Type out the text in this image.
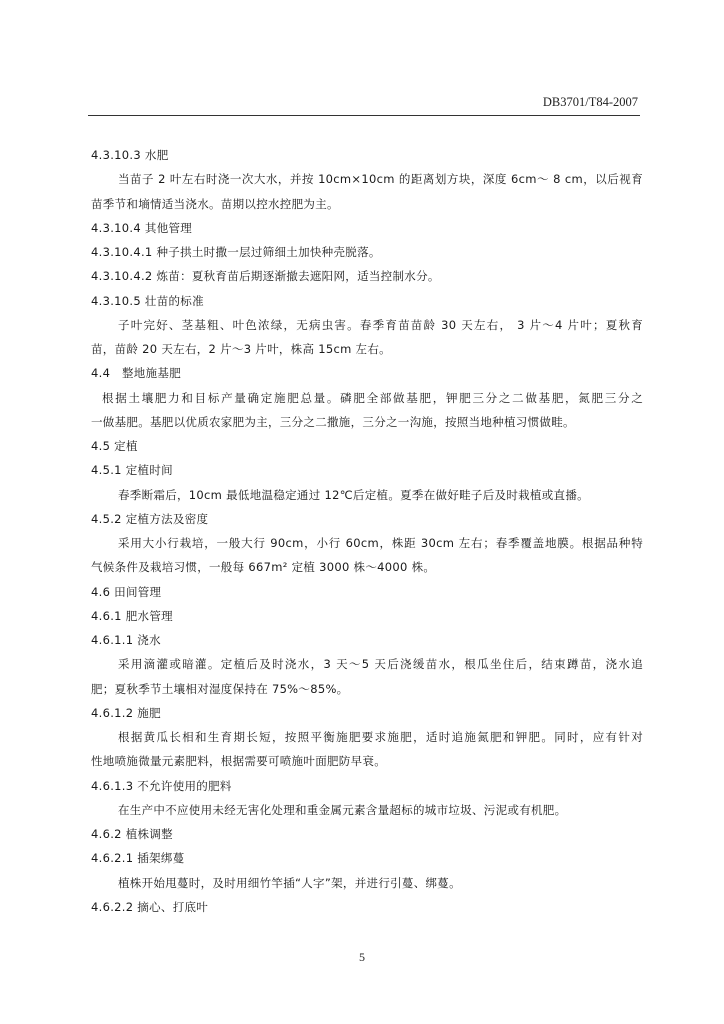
DB3701/T84-2007
4.3.10.3 水肥
当苗子 2 叶左右时浇一次大水，并按 10cm×10cm 的距离划方块，深度 6cm～ 8 cm，以后视育
苗季节和墒情适当浇水。苗期以控水控肥为主。
4.3.10.4 其他管理
4.3.10.4.1 种子拱土时撒一层过筛细土加快种壳脱落。
4.3.10.4.2 炼苗：夏秋育苗后期逐渐撤去遮阳网，适当控制水分。
4.3.10.5 壮苗的标准
子叶完好、茎基粗、叶色浓绿，无病虫害。春季育苗苗龄 30 天左右， 3 片～4 片叶；夏秋育
苗，苗龄 20 天左右，2 片～3 片叶，株高 15cm 左右。
4.4　整地施基肥
根据土壤肥力和目标产量确定施肥总量。磷肥全部做基肥，钾肥三分之二做基肥，氮肥三分之
一做基肥。基肥以优质农家肥为主，三分之二撒施，三分之一沟施，按照当地种植习惯做畦。
4.5 定植
4.5.1 定植时间
春季断霜后，10cm 最低地温稳定通过 12℃后定植。夏季在做好畦子后及时栽植或直播。
4.5.2 定植方法及密度
采用大小行栽培，一般大行 90cm，小行 60cm，株距 30cm 左右；春季覆盖地膜。根据品种特
气候条件及栽培习惯，一般每 667m² 定植 3000 株～4000 株。
4.6 田间管理
4.6.1 肥水管理
4.6.1.1 浇水
采用滴灌或暗灌。定植后及时浇水，3 天～5 天后浇缓苗水，根瓜坐住后，结束蹲苗，浇水追
肥；夏秋季节土壤相对湿度保持在 75%～85%。
4.6.1.2 施肥
根据黄瓜长相和生育期长短，按照平衡施肥要求施肥，适时追施氮肥和钾肥。同时，应有针对
性地喷施微量元素肥料，根据需要可喷施叶面肥防早衰。
4.6.1.3 不允许使用的肥料
在生产中不应使用未经无害化处理和重金属元素含量超标的城市垃圾、污泥或有机肥。
4.6.2 植株调整
4.6.2.1 插架绑蔓
植株开始甩蔓时，及时用细竹竿插“人字”架，并进行引蔓、绑蔓。
4.6.2.2 摘心、打底叶
5
